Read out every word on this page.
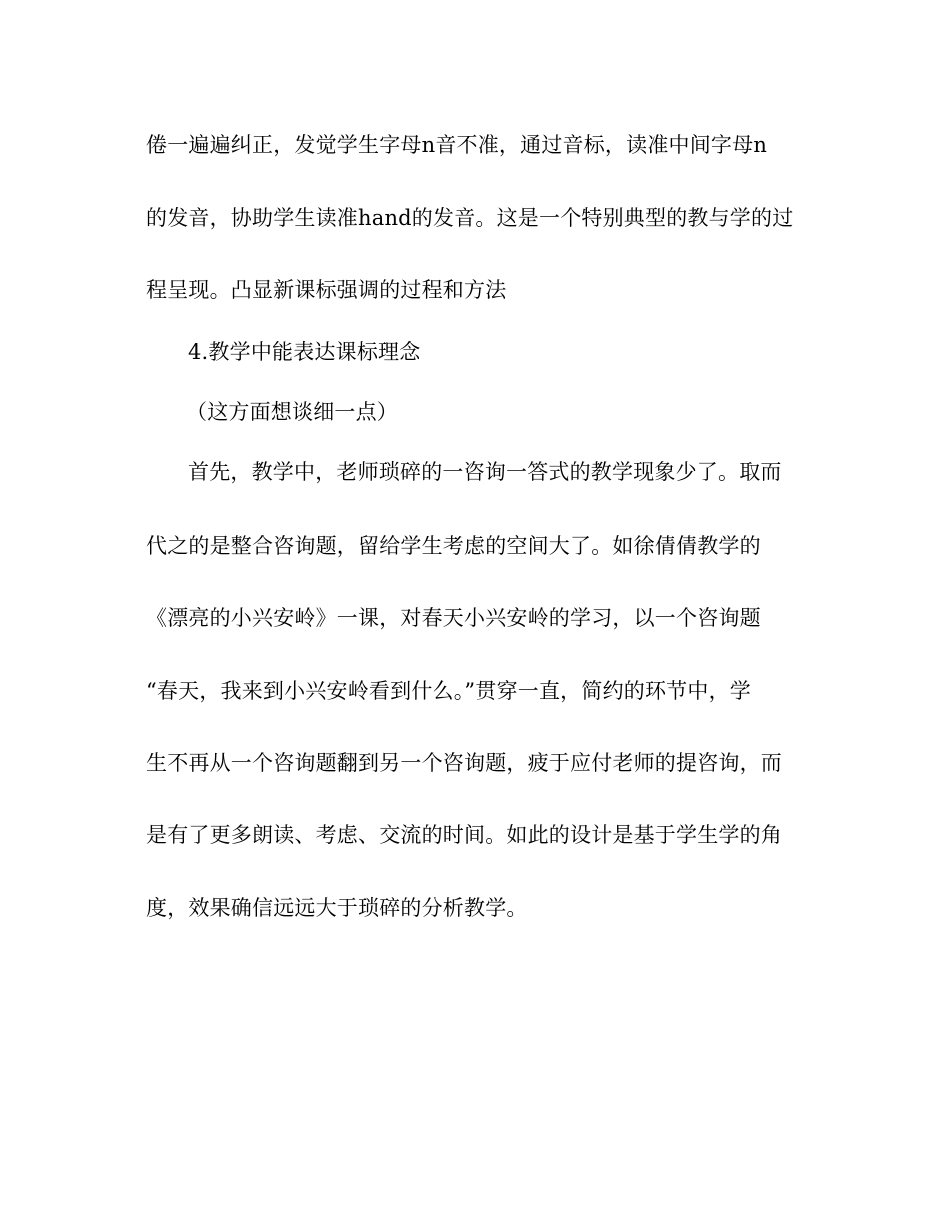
倦一遍遍纠正，发觉学生字母n音不准，通过音标，读准中间字母n
的发音，协助学生读准hand的发音。这是一个特别典型的教与学的过
程呈现。凸显新课标强调的过程和方法
4.教学中能表达课标理念
（这方面想谈细一点）
首先，教学中，老师琐碎的一咨询一答式的教学现象少了。取而
代之的是整合咨询题，留给学生考虑的空间大了。如徐倩倩教学的
《漂亮的小兴安岭》一课，对春天小兴安岭的学习，以一个咨询题
“春天，我来到小兴安岭看到什么。”贯穿一直，简约的环节中，学
生不再从一个咨询题翻到另一个咨询题，疲于应付老师的提咨询，而
是有了更多朗读、考虑、交流的时间。如此的设计是基于学生学的角
度，效果确信远远大于琐碎的分析教学。
